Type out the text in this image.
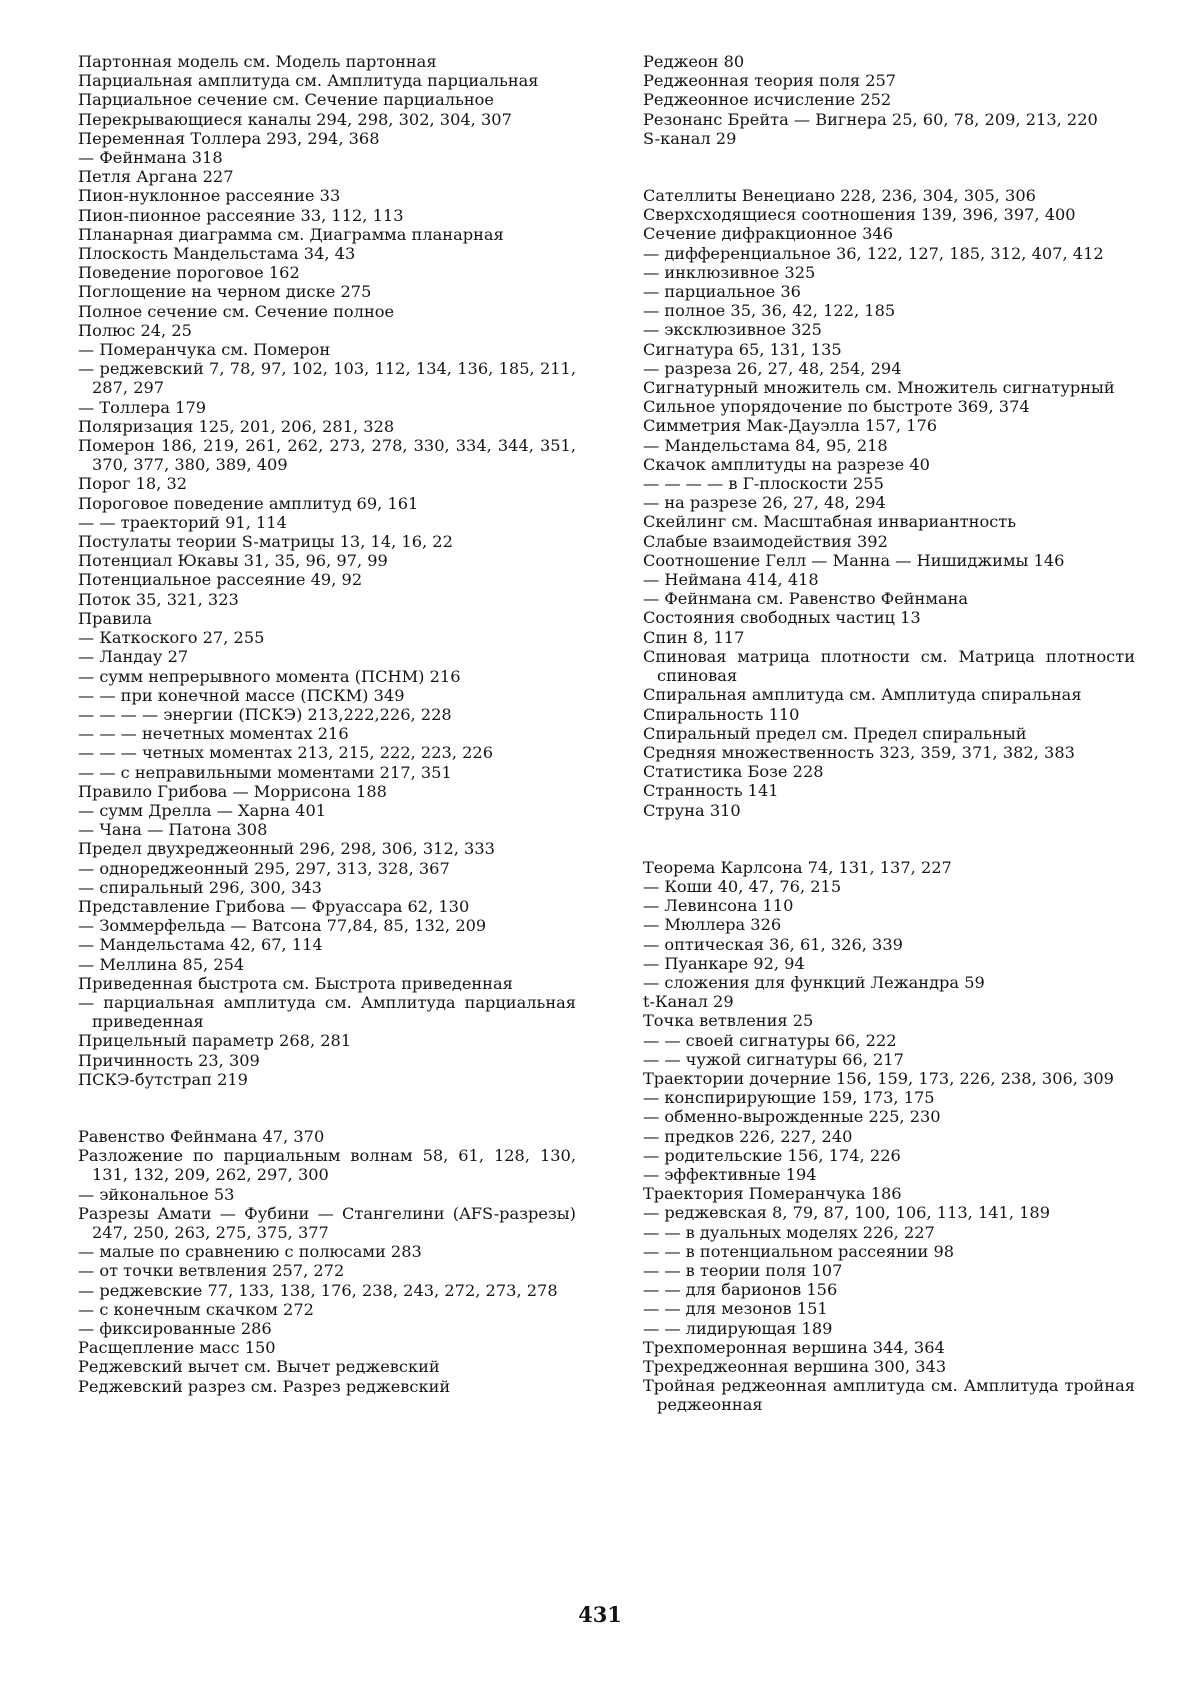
Партонная модель см. Модель партонная
Парциальная амплитуда см. Амплитуда парциальная
Парциальное сечение см. Сечение парциальное
Перекрывающиеся каналы 294, 298, 302, 304, 307
Переменная Толлера 293, 294, 368
— Фейнмана 318
Петля Аргана 227
Пион-нуклонное рассеяние 33
Пион-пионное рассеяние 33, 112, 113
Планарная диаграмма см. Диаграмма планарная
Плоскость Мандельстама 34, 43
Поведение пороговое 162
Поглощение на черном диске 275
Полное сечение см. Сечение полное
Полюс 24, 25
— Померанчука см. Померон
— реджевский 7, 78, 97, 102, 103, 112, 134, 136, 185, 211, 287, 297
— Толлера 179
Поляризация 125, 201, 206, 281, 328
Померон 186, 219, 261, 262, 273, 278, 330, 334, 344, 351, 370, 377, 380, 389, 409
Порог 18, 32
Пороговое поведение амплитуд 69, 161
— — траекторий 91, 114
Постулаты теории S-матрицы 13, 14, 16, 22
Потенциал Юкавы 31, 35, 96, 97, 99
Потенциальное рассеяние 49, 92
Поток 35, 321, 323
Правила
— Каткоского 27, 255
— Ландау 27
— сумм непрерывного момента (ПСНМ) 216
— — при конечной массе (ПСКМ) 349
— — — — энергии (ПСКЭ) 213,222,226, 228
— — — нечетных моментах 216
— — — четных моментах 213, 215, 222, 223, 226
— — с неправильными моментами 217, 351
Правило Грибова — Моррисона 188
— сумм Дрелла — Харна 401
— Чана — Патона 308
Предел двухреджеонный 296, 298, 306, 312, 333
— однореджеонный 295, 297, 313, 328, 367
— спиральный 296, 300, 343
Представление Грибова — Фруассара 62, 130
— Зоммерфельда — Ватсона 77,84, 85, 132, 209
— Мандельстама 42, 67, 114
— Меллина 85, 254
Приведенная быстрота см. Быстрота приведенная
— парциальная амплитуда см. Амплитуда парциальная приведенная
Прицельный параметр 268, 281
Причинность 23, 309
ПСКЭ-бутстрап 219
Равенство Фейнмана 47, 370
Разложение по парциальным волнам 58, 61, 128, 130, 131, 132, 209, 262, 297, 300
— эйкональное 53
Разрезы Амати — Фубини — Стангелини (AFS-разрезы) 247, 250, 263, 275, 375, 377
— малые по сравнению с полюсами 283
— от точки ветвления 257, 272
— реджевские 77, 133, 138, 176, 238, 243, 272, 273, 278
— с конечным скачком 272
— фиксированные 286
Расщепление масс 150
Реджевский вычет см. Вычет реджевский
Реджевский разрез см. Разрез реджевский
Реджеон 80
Реджеонная теория поля 257
Реджеонное исчисление 252
Резонанс Брейта — Вигнера 25, 60, 78, 209, 213, 220
S-канал 29
Сателлиты Венециано 228, 236, 304, 305, 306
Сверхсходящиеся соотношения 139, 396, 397, 400
Сечение дифракционное 346
— дифференциальное 36, 122, 127, 185, 312, 407, 412
— инклюзивное 325
— парциальное 36
— полное 35, 36, 42, 122, 185
— эксклюзивное 325
Сигнатура 65, 131, 135
— разреза 26, 27, 48, 254, 294
Сигнатурный множитель см. Множитель сигнатурный
Сильное упорядочение по быстроте 369, 374
Симметрия Мак-Дауэлла 157, 176
— Мандельстама 84, 95, 218
Скачок амплитуды на разрезе 40
— — — — в Γ-плоскости 255
— на разрезе 26, 27, 48, 294
Скейлинг см. Масштабная инвариантность
Слабые взаимодействия 392
Соотношение Гелл — Манна — Нишиджимы 146
— Неймана 414, 418
— Фейнмана см. Равенство Фейнмана
Состояния свободных частиц 13
Спин 8, 117
Спиновая матрица плотности см. Матрица плотности спиновая
Спиральная амплитуда см. Амплитуда спиральная
Спиральность 110
Спиральный предел см. Предел спиральный
Средняя множественность 323, 359, 371, 382, 383
Статистика Бозе 228
Странность 141
Струна 310
Теорема Карлсона 74, 131, 137, 227
— Коши 40, 47, 76, 215
— Левинсона 110
— Мюллера 326
— оптическая 36, 61, 326, 339
— Пуанкаре 92, 94
— сложения для функций Лежандра 59
t-Канал 29
Точка ветвления 25
— — своей сигнатуры 66, 222
— — чужой сигнатуры 66, 217
Траектории дочерние 156, 159, 173, 226, 238, 306, 309
— конспирирующие 159, 173, 175
— обменно-вырожденные 225, 230
— предков 226, 227, 240
— родительские 156, 174, 226
— эффективные 194
Траектория Померанчука 186
— реджевская 8, 79, 87, 100, 106, 113, 141, 189
— — в дуальных моделях 226, 227
— — в потенциальном рассеянии 98
— — в теории поля 107
— — для барионов 156
— — для мезонов 151
— — лидирующая 189
Трехпомеронная вершина 344, 364
Трехреджеонная вершина 300, 343
Тройная реджеонная амплитуда см. Амплитуда тройная реджеонная
431
